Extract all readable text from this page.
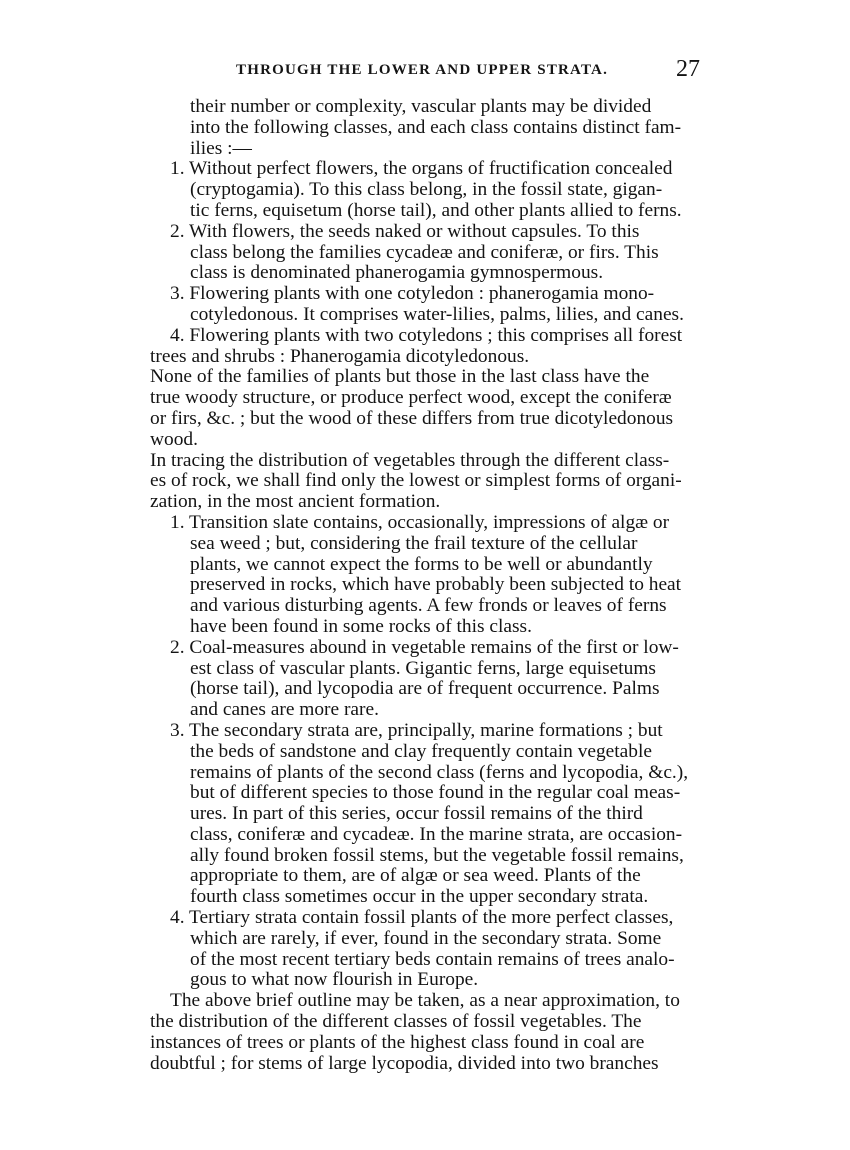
THROUGH THE LOWER AND UPPER STRATA.	27
their number or complexity, vascular plants may be divided
into the following classes, and each class contains distinct fam-
ilies :—
1. Without perfect flowers, the organs of fructification concealed
(cryptogamia). To this class belong, in the fossil state, gigan-
tic ferns, equisetum (horse tail), and other plants allied to ferns.
2. With flowers, the seeds naked or without capsules. To this
class belong the families cycadeæ and coniferæ, or firs. This
class is denominated phanerogamia gymnospermous.
3. Flowering plants with one cotyledon : phanerogamia mono-
cotyledonous. It comprises water-lilies, palms, lilies, and canes.
4. Flowering plants with two cotyledons ; this comprises all forest
trees and shrubs : Phanerogamia dicotyledonous.
None of the families of plants but those in the last class have the
true woody structure, or produce perfect wood, except the coniferæ
or firs, &c. ; but the wood of these differs from true dicotyledonous
wood.
In tracing the distribution of vegetables through the different class-
es of rock, we shall find only the lowest or simplest forms of organi-
zation, in the most ancient formation.
1. Transition slate contains, occasionally, impressions of algæ or
sea weed ; but, considering the frail texture of the cellular
plants, we cannot expect the forms to be well or abundantly
preserved in rocks, which have probably been subjected to heat
and various disturbing agents. A few fronds or leaves of ferns
have been found in some rocks of this class.
2. Coal-measures abound in vegetable remains of the first or low-
est class of vascular plants. Gigantic ferns, large equisetums
(horse tail), and lycopodia are of frequent occurrence. Palms
and canes are more rare.
3. The secondary strata are, principally, marine formations ; but
the beds of sandstone and clay frequently contain vegetable
remains of plants of the second class (ferns and lycopodia, &c.),
but of different species to those found in the regular coal meas-
ures. In part of this series, occur fossil remains of the third
class, coniferæ and cycadeæ. In the marine strata, are occasion-
ally found broken fossil stems, but the vegetable fossil remains,
appropriate to them, are of algæ or sea weed. Plants of the
fourth class sometimes occur in the upper secondary strata.
4. Tertiary strata contain fossil plants of the more perfect classes,
which are rarely, if ever, found in the secondary strata. Some
of the most recent tertiary beds contain remains of trees analo-
gous to what now flourish in Europe.
The above brief outline may be taken, as a near approximation, to
the distribution of the different classes of fossil vegetables. The
instances of trees or plants of the highest class found in coal are
doubtful ; for stems of large lycopodia, divided into two branches
